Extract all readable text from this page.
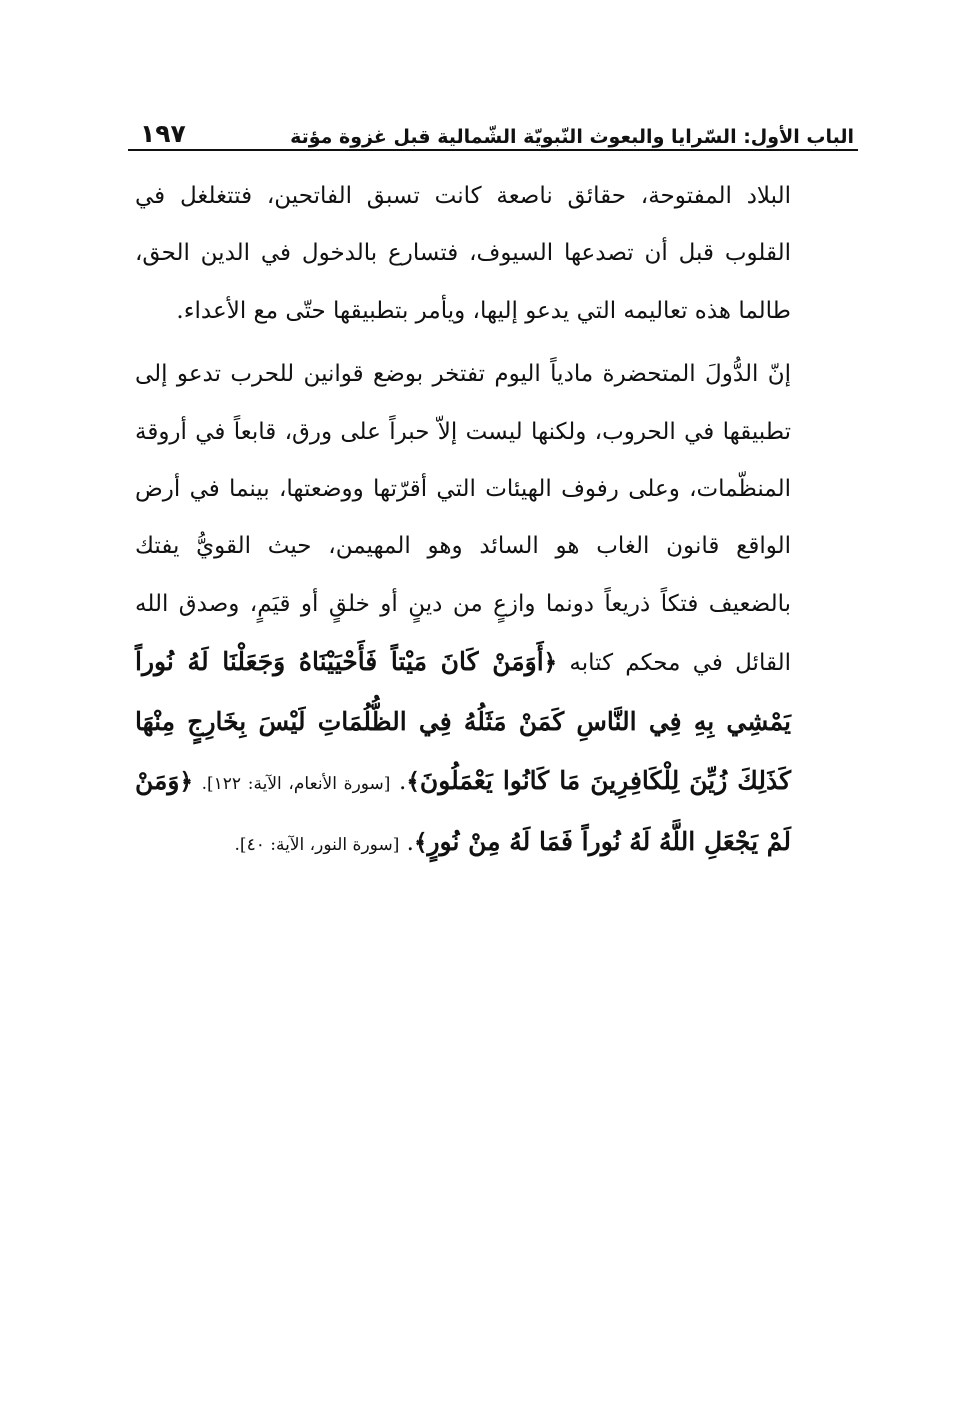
١٩٧	الباب الأول: السّرايا والبعوث النّبويّة الشّمالية قبل غزوة مؤتة

البلاد المفتوحة، حقائق ناصعة كانت تسبق الفاتحين، فتتغلغل في القلوب قبل أن تصدعها السيوف، فتسارع بالدخول في الدين الحق، طالما هذه تعاليمه التي يدعو إليها، ويأمر بتطبيقها حتّى مع الأعداء.

إنّ الدُّولَ المتحضرة مادياً اليوم تفتخر بوضع قوانين للحرب تدعو إلى تطبيقها في الحروب، ولكنها ليست إلاّ حبراً على ورق، قابعاً في أروقة المنظّمات، وعلى رفوف الهيئات التي أقرّتها ووضعتها، بينما في أرض الواقع قانون الغاب هو السائد وهو المهيمن، حيث القويُّ يفتك بالضعيف فتكاً ذريعاً دونما وازعٍ من دينٍ أو خلقٍ أو قيَمٍ، وصدق الله القائل في محكم كتابه ﴿أَوَمَنْ كَانَ مَيْتاً فَأَحْيَيْنَاهُ وَجَعَلْنَا لَهُ نُوراً يَمْشِي بِهِ فِي النَّاسِ كَمَنْ مَثَلُهُ فِي الظُّلُمَاتِ لَيْسَ بِخَارِجٍ مِنْهَا كَذَلِكَ زُيِّنَ لِلْكَافِرِينَ مَا كَانُوا يَعْمَلُونَ﴾. [سورة الأنعام، الآية: ١٢٢]. ﴿وَمَنْ لَمْ يَجْعَلِ اللَّهُ لَهُ نُوراً فَمَا لَهُ مِنْ نُورٍ﴾. [سورة النور، الآية: ٤٠].
